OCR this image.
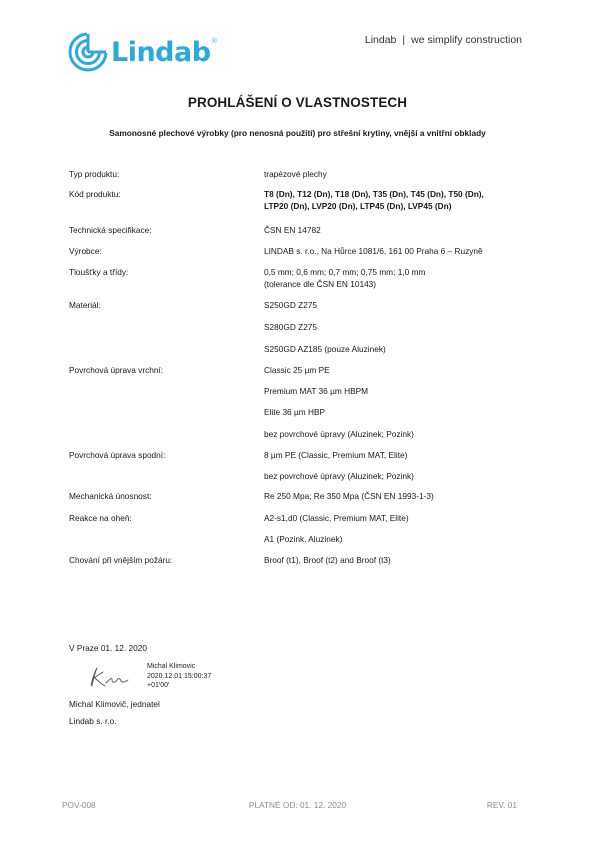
Lindab ®	Lindab | we simplify construction
PROHLÁŠENÍ O VLASTNOSTECH
Samonosné plechové výrobky (pro nenosná použití) pro střešní krytiny, vnější a vnitřní obklady
Typ produktu:	trapézové plechy
Kód produktu:	T8 (Dn), T12 (Dn), T18 (Dn), T35 (Dn), T45 (Dn), T50 (Dn),
LTP20 (Dn), LVP20 (Dn), LTP45 (Dn), LVP45 (Dn)
Technická specifikace:	ČSN EN 14782
Výrobce:	LINDAB s. r.o., Na Hůrce 1081/6, 161 00 Praha 6 – Ruzyně
Tloušťky a třídy:	0,5 mm; 0,6 mm; 0,7 mm; 0,75 mm; 1,0 mm
(tolerance dle ČSN EN 10143)
Materiál:	S250GD Z275
S280GD Z275
S250GD AZ185 (pouze Aluzinek)
Povrchová úprava vrchní:	Classic 25 µm PE
Premium MAT 36 µm HBPM
Elite 36 µm HBP
bez povrchové úpravy (Aluzinek; Pozink)
Povrchová úprava spodní:	8 µm PE (Classic, Premium MAT, Elite)
bez povrchové úpravy (Aluzinek; Pozink)
Mechanická únosnost:	Re 250 Mpa; Re 350 Mpa (ČSN EN 1993-1-3)
Reakce na oheň:	A2-s1,d0 (Classic, Premium MAT, Elite)
A1 (Pozink, Aluzinek)
Chování při vnějším požáru:	Broof (t1), Broof (t2) and Broof (t3)
V Praze 01. 12. 2020
Michal Klimovic
2020.12.01 15:00:37
+01'00'
Michal Klimovič, jednatel
Lindab s. r.o.
POV-008	PLATNÉ OD: 01. 12. 2020	REV. 01
